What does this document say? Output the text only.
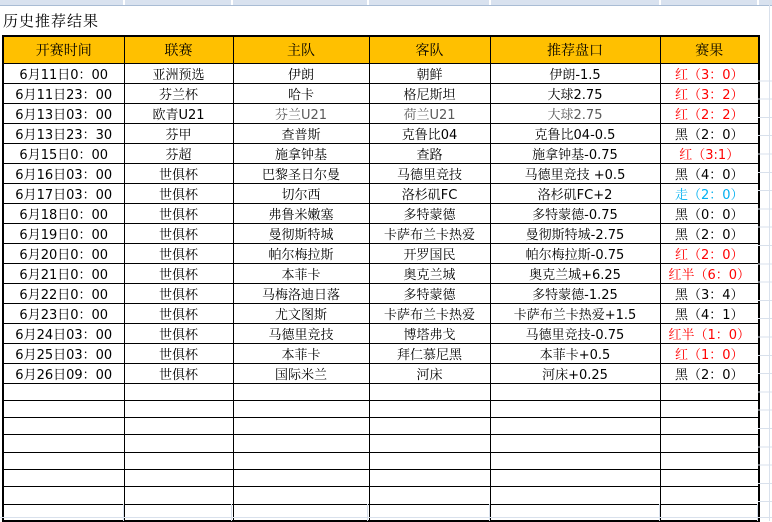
历史推荐结果
开赛时间	联赛	主队	客队	推荐盘口	赛果
6月11日0：00	亚洲预选	伊朗	朝鲜	伊朗-1.5	红（3：0）
6月11日23：00	芬兰杯	哈卡	格尼斯坦	大球2.75	红（3：2）
6月13日03：00	欧青U21	芬兰U21	荷兰U21	大球2.75	红（2：2）
6月13日23：30	芬甲	查普斯	克鲁比04	克鲁比04-0.5	黑（2：0）
6月15日0：00	芬超	施拿钟基	查路	施拿钟基-0.75	红（3:1）
6月16日03：00	世俱杯	巴黎圣日尔曼	马德里竞技	马德里竞技 +0.5	黑（4：0）
6月17日03：00	世俱杯	切尔西	洛杉矶FC	洛杉矶FC+2	走（2：0）
6月18日0：00	世俱杯	弗鲁米嫩塞	多特蒙德	多特蒙德-0.75	黑（0：0）
6月19日0：00	世俱杯	曼彻斯特城	卡萨布兰卡热爱	曼彻斯特城-2.75	黑（2：0）
6月20日0：00	世俱杯	帕尔梅拉斯	开罗国民	帕尔梅拉斯-0.75	红（2：0）
6月21日0：00	世俱杯	本菲卡	奥克兰城	奥克兰城+6.25	红半（6：0）
6月22日0：00	世俱杯	马梅洛迪日落	多特蒙德	多特蒙德-1.25	黑（3：4）
6月23日0：00	世俱杯	尤文图斯	卡萨布兰卡热爱	卡萨布兰卡热爱+1.5	黑（4：1）
6月24日03：00	世俱杯	马德里竞技	博塔弗戈	马德里竞技-0.75	红半（1：0）
6月25日03：00	世俱杯	本菲卡	拜仁慕尼黑	本菲卡+0.5	红（1：0）
6月26日09：00	世俱杯	国际米兰	河床	河床+0.25	黑（2：0）
